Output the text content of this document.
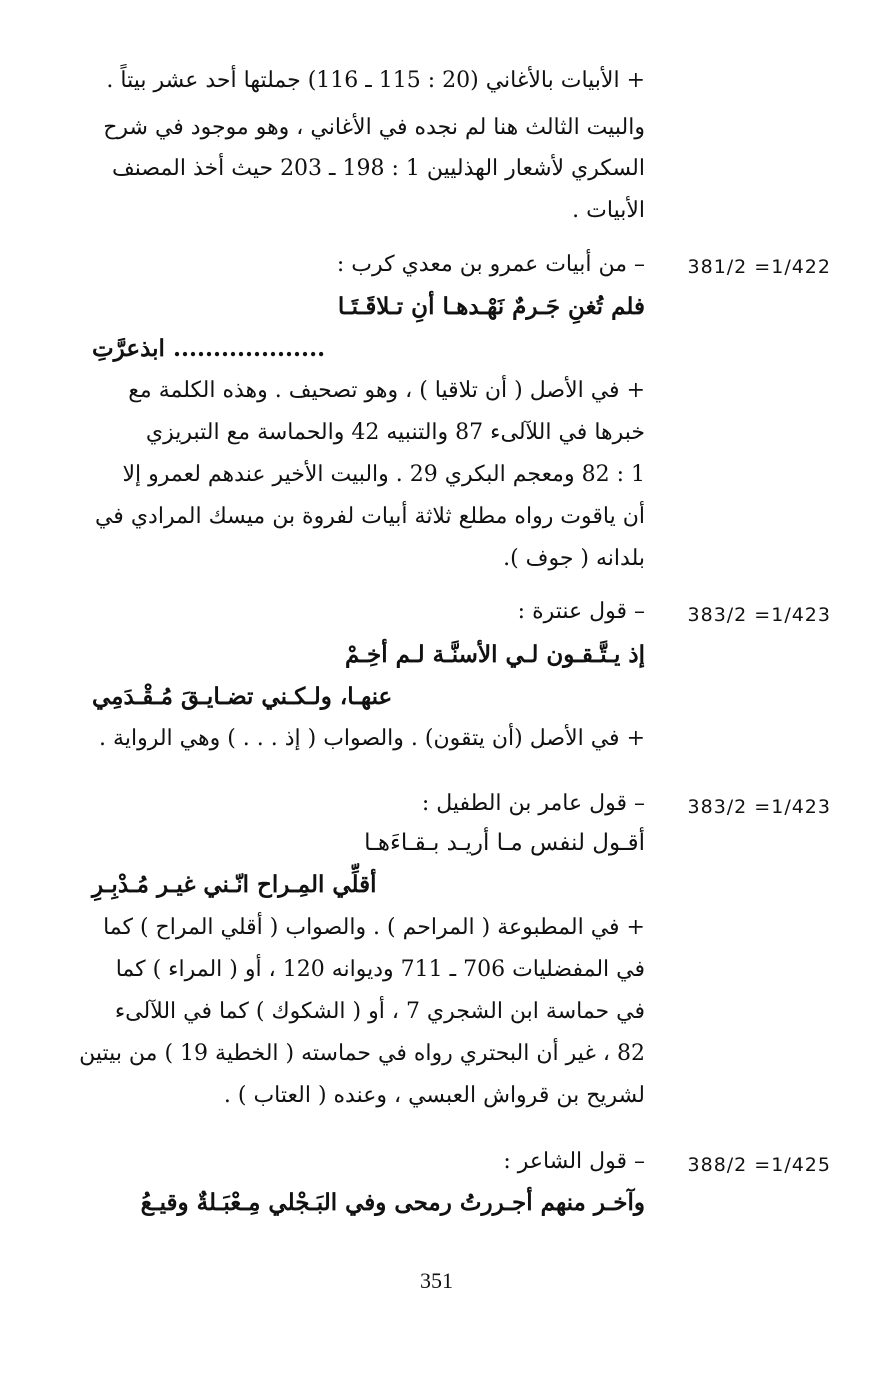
+ الأبيات بالأغاني (20 : 115 ـ 116) جملتها أحد عشر بيتاً .
والبيت الثالث هنا لم نجده في الأغاني ، وهو موجود في شرح
السكري لأشعار الهذليين 1 : 198 ـ 203 حيث أخذ المصنف
الأبيات .
381/2 =1/422
– من أبيات عمرو بن معدي كرب :
فلم تُغنِ جَـرمٌ نَهْـدهـا أنِ تـلاقَـتَـا
................... ابذعرَّتِ
+ في الأصل ( أن تلاقيا ) ، وهو تصحيف . وهذه الكلمة مع
خبرها في اللآلىء 87 والتنبيه 42 والحماسة مع التبريزي
1 : 82 ومعجم البكري 29 . والبيت الأخير عندهم لعمرو إلا
أن ياقوت رواه مطلع ثلاثة أبيات لفروة بن ميسك المرادي في
بلدانه ( جوف ).
383/2 =1/423
– قول عنترة :
إذ يـتَّـقـون لـي الأسنَّـة لـم أخِـمْ
عنهـا، ولـكـني تضـايـقَ مُـقْـدَمِي
+ في الأصل (أن يتقون) . والصواب ( إذ . . . ) وهي الرواية .
383/2 =1/423
– قول عامر بن الطفيل :
أقـول لنفس مـا أريـد بـقـاءَهـا
أقلِّي المِـراح انّـني غيـر مُـدْبِـرِ
+ في المطبوعة ( المراحم ) . والصواب ( أقلي المراح ) كما
في المفضليات 706 ـ 711 وديوانه 120 ، أو ( المراء ) كما
في حماسة ابن الشجري 7 ، أو ( الشكوك ) كما في اللآلىء
82 ، غير أن البحتري رواه في حماسته ( الخطية 19 ) من بيتين
لشريح بن قرواش العبسي ، وعنده ( العتاب ) .
388/2 =1/425
– قول الشاعر :
وآخـر منهم أجـررتُ رمحى وفي البَـجْلي مِـعْبَـلةٌ وقيـعُ
351
